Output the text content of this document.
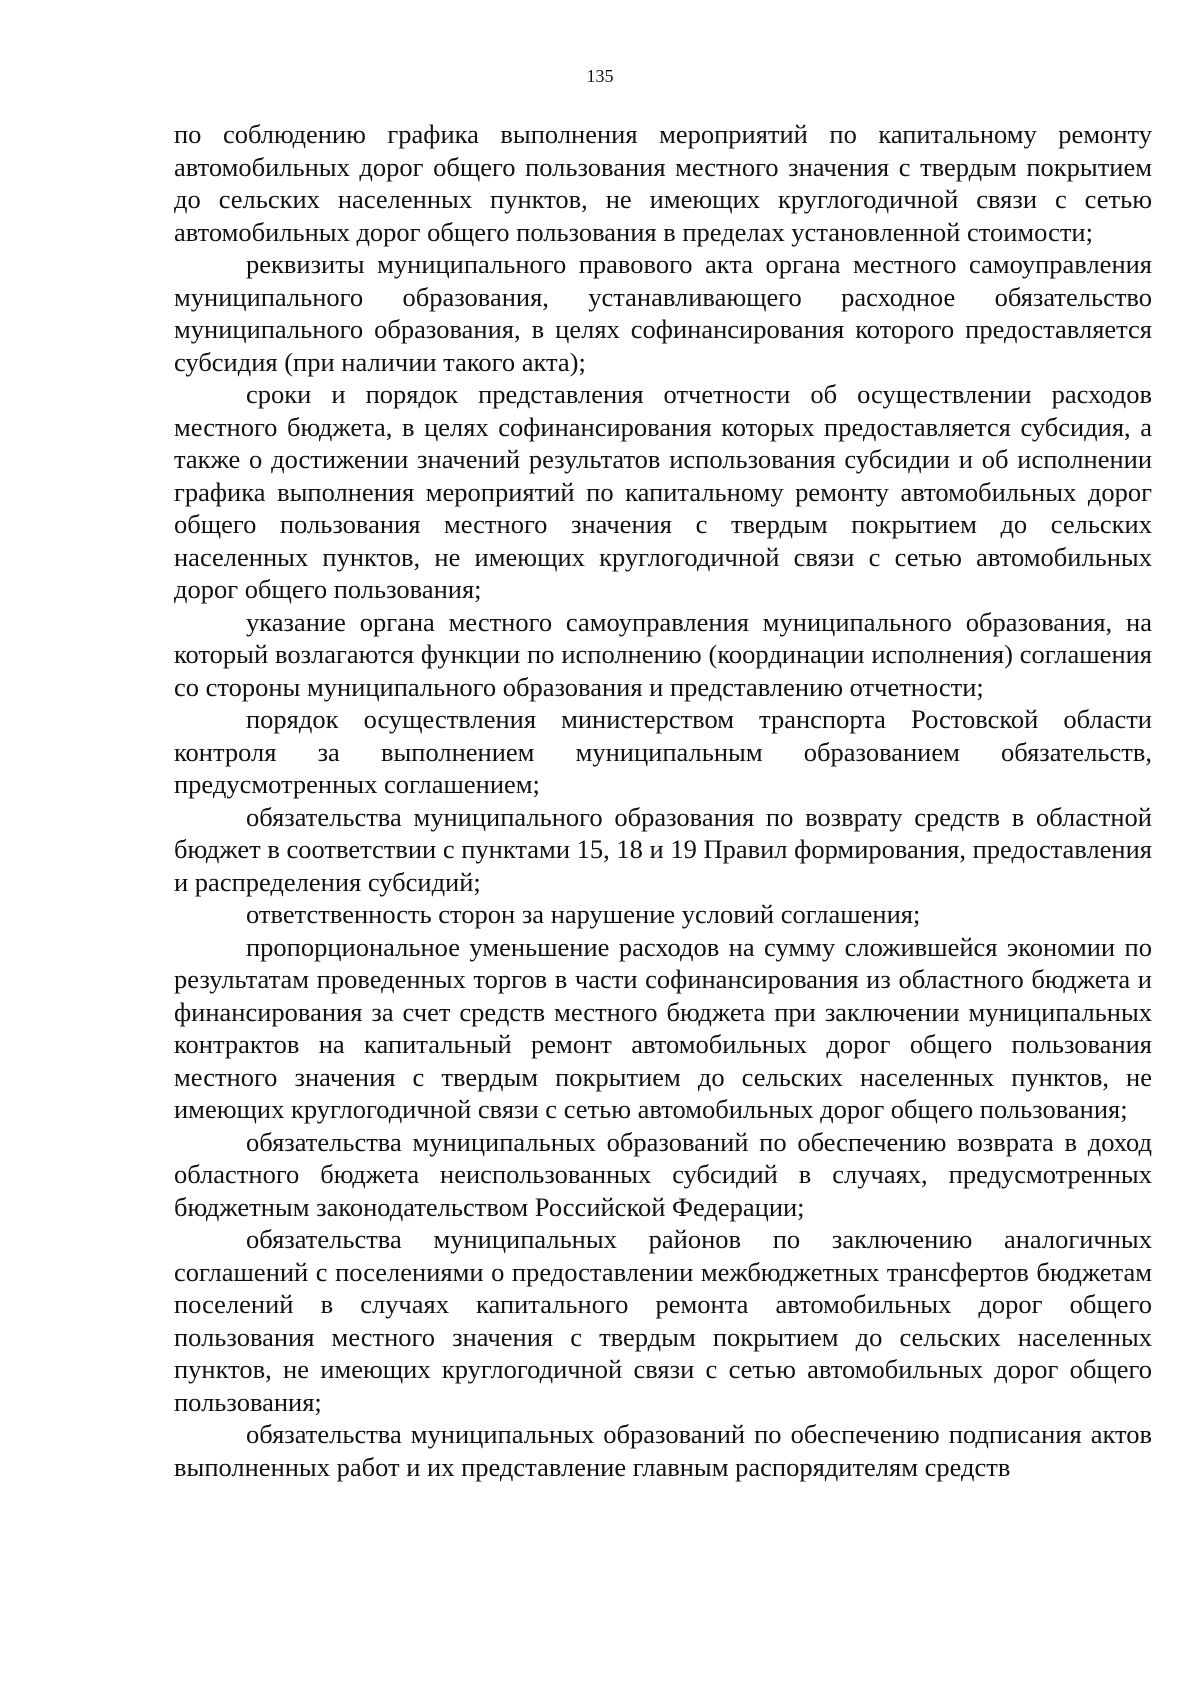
135

по соблюдению графика выполнения мероприятий по капитальному ремонту автомобильных дорог общего пользования местного значения с твердым покрытием до сельских населенных пунктов, не имеющих круглогодичной связи с сетью автомобильных дорог общего пользования в пределах установленной стоимости;

реквизиты муниципального правового акта органа местного самоуправления муниципального образования, устанавливающего расходное обязательство муниципального образования, в целях софинансирования которого предоставляется субсидия (при наличии такого акта);

сроки и порядок представления отчетности об осуществлении расходов местного бюджета, в целях софинансирования которых предоставляется субсидия, а также о достижении значений результатов использования субсидии и об исполнении графика выполнения мероприятий по капитальному ремонту автомобильных дорог общего пользования местного значения с твердым покрытием до сельских населенных пунктов, не имеющих круглогодичной связи с сетью автомобильных дорог общего пользования;

указание органа местного самоуправления муниципального образования, на который возлагаются функции по исполнению (координации исполнения) соглашения со стороны муниципального образования и представлению отчетности;

порядок осуществления министерством транспорта Ростовской области контроля за выполнением муниципальным образованием обязательств, предусмотренных соглашением;

обязательства муниципального образования по возврату средств в областной бюджет в соответствии с пунктами 15, 18 и 19 Правил формирования, предоставления и распределения субсидий;

ответственность сторон за нарушение условий соглашения;

пропорциональное уменьшение расходов на сумму сложившейся экономии по результатам проведенных торгов в части софинансирования из областного бюджета и финансирования за счет средств местного бюджета при заключении муниципальных контрактов на капитальный ремонт автомобильных дорог общего пользования местного значения с твердым покрытием до сельских населенных пунктов, не имеющих круглогодичной связи с сетью автомобильных дорог общего пользования;

обязательства муниципальных образований по обеспечению возврата в доход областного бюджета неиспользованных субсидий в случаях, предусмотренных бюджетным законодательством Российской Федерации;

обязательства муниципальных районов по заключению аналогичных соглашений с поселениями о предоставлении межбюджетных трансфертов бюджетам поселений в случаях капитального ремонта автомобильных дорог общего пользования местного значения с твердым покрытием до сельских населенных пунктов, не имеющих круглогодичной связи с сетью автомобильных дорог общего пользования;

обязательства муниципальных образований по обеспечению подписания актов выполненных работ и их представление главным распорядителям средств
